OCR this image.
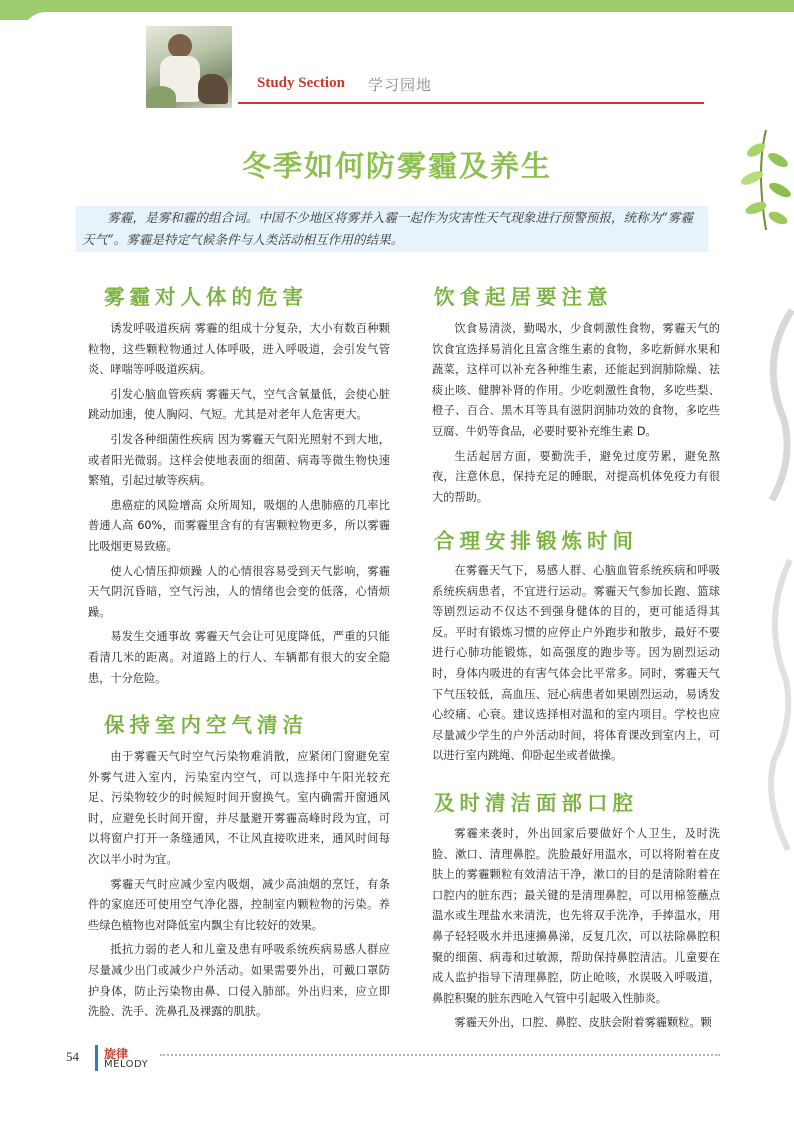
Study Section 学习园地
冬季如何防雾霾及养生
雾霾，是雾和霾的组合词。中国不少地区将雾并入霾一起作为灾害性天气现象进行预警预报，统称为“雾霾天气”。雾霾是特定气候条件与人类活动相互作用的结果。
雾霾对人体的危害

诱发呼吸道疾病 雾霾的组成十分复杂，大小有数百种颗粒物，这些颗粒物通过人体呼吸，进入呼吸道，会引发气管炎、哮喘等呼吸道疾病。

引发心脑血管疾病 雾霾天气，空气含氧量低，会使心脏跳动加速，使人胸闷、气短。尤其是对老年人危害更大。

引发各种细菌性疾病 因为雾霾天气阳光照射不到大地，或者阳光微弱。这样会使地表面的细菌、病毒等微生物快速繁殖，引起过敏等疾病。

患癌症的风险增高 众所周知，吸烟的人患肺癌的几率比普通人高 60%，而雾霾里含有的有害颗粒物更多，所以雾霾比吸烟更易致癌。

使人心情压抑烦躁 人的心情很容易受到天气影响，雾霾天气阴沉昏暗，空气污浊，人的情绪也会变的低落，心情烦躁。

易发生交通事故 雾霾天气会让可见度降低，严重的只能看清几米的距离。对道路上的行人、车辆都有很大的安全隐患，十分危险。

保持室内空气清洁

由于雾霾天气时空气污染物难消散，应紧闭门窗避免室外雾气进入室内，污染室内空气，可以选择中午阳光较充足、污染物较少的时候短时间开窗换气。室内确需开窗通风时，应避免长时间开窗，并尽量避开雾霾高峰时段为宜，可以将窗户打开一条缝通风，不让风直接吹进来，通风时间每次以半小时为宜。

雾霾天气时应减少室内吸烟，减少高油烟的烹饪，有条件的家庭还可使用空气净化器，控制室内颗粒物的污染。养些绿色植物也对降低室内飘尘有比较好的效果。

抵抗力弱的老人和儿童及患有呼吸系统疾病易感人群应尽量减少出门或减少户外活动。如果需要外出，可戴口罩防护身体，防止污染物由鼻、口侵入肺部。外出归来，应立即洗脸、洗手、洗鼻孔及裸露的肌肤。

饮食起居要注意

饮食易清淡，勤喝水，少食刺激性食物，雾霾天气的饮食宜选择易消化且富含维生素的食物，多吃新鲜水果和蔬菜，这样可以补充各种维生素，还能起到润肺除燥、祛痰止咳、健脾补肾的作用。少吃刺激性食物，多吃些梨、橙子、百合、黑木耳等具有滋阴润肺功效的食物，多吃些豆腐、牛奶等食品，必要时要补充维生素 D。

生活起居方面，要勤洗手，避免过度劳累，避免熬夜，注意休息，保持充足的睡眠，对提高机体免疫力有很大的帮助。

合理安排锻炼时间

在雾霾天气下，易感人群、心脑血管系统疾病和呼吸系统疾病患者，不宜进行运动。雾霾天气参加长跑、篮球等剧烈运动不仅达不到强身健体的目的，更可能适得其反。平时有锻炼习惯的应停止户外跑步和散步，最好不要进行心肺功能锻炼，如高强度的跑步等。因为剧烈运动时，身体内吸进的有害气体会比平常多。同时，雾霾天气下气压较低，高血压、冠心病患者如果剧烈运动，易诱发心绞痛、心衰。建议选择相对温和的室内项目。学校也应尽量减少学生的户外活动时间，将体育课改到室内上，可以进行室内跳绳、仰卧起坐或者做操。

及时清洁面部口腔

雾霾来袭时，外出回家后要做好个人卫生，及时洗脸、漱口、清理鼻腔。洗脸最好用温水，可以将附着在皮肤上的雾霾颗粒有效清洁干净，漱口的目的是清除附着在口腔内的脏东西；最关键的是清理鼻腔，可以用棉签蘸点温水或生理盐水来清洗，也先将双手洗净，手捧温水，用鼻子轻轻吸水并迅速擤鼻涕，反复几次，可以祛除鼻腔积聚的细菌、病毒和过敏源，帮助保持鼻腔清洁。儿童要在成人监护指导下清理鼻腔，防止呛咳，水误吸入呼吸道，鼻腔积聚的脏东西呛入气管中引起吸入性肺炎。

雾霾天外出，口腔、鼻腔、皮肤会附着雾霾颗粒。颗

54 旋律
MELODY
